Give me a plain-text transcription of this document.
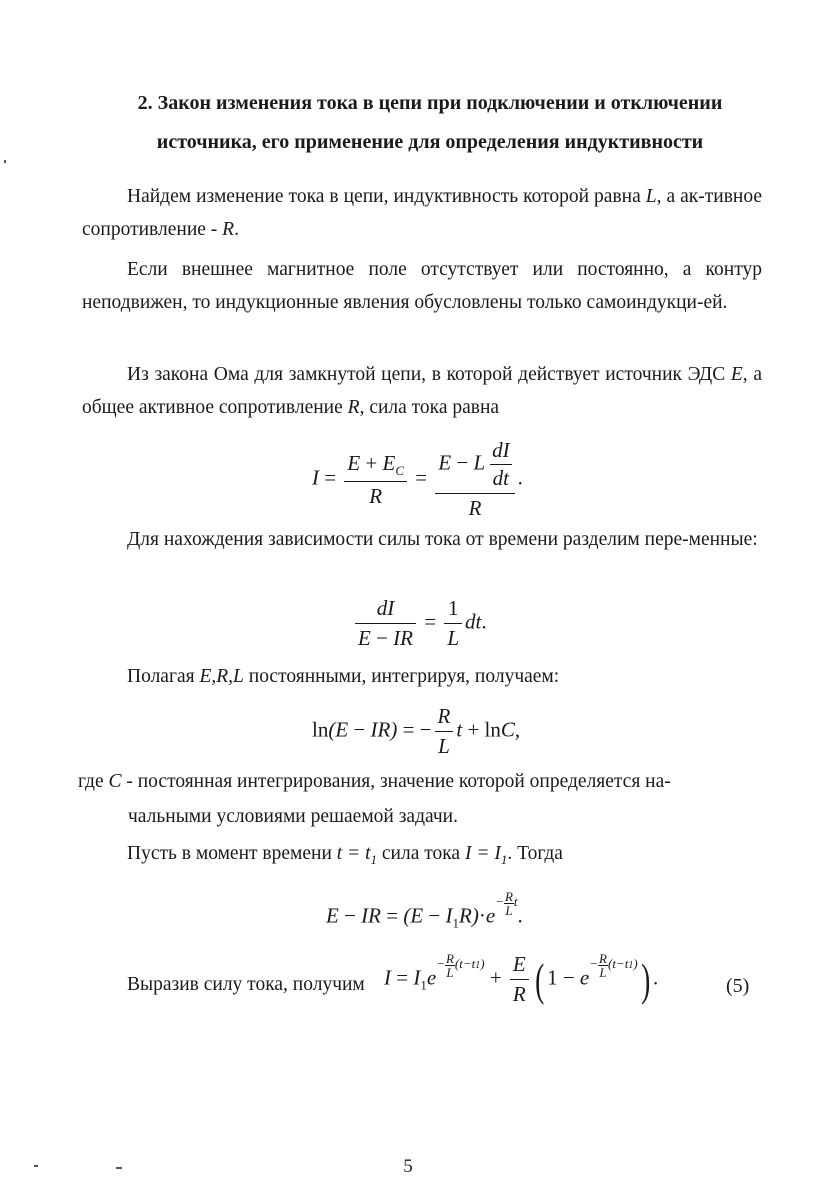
2. Закон изменения тока в цепи при подключении и отключении

источника, его применение для определения индуктивности

Найдем изменение тока в цепи, индуктивность которой равна L, а ак-тивное сопротивление - R.

Если внешнее магнитное поле отсутствует или постоянно, а контур неподвижен, то индукционные явления обусловлены только самоиндукци-ей.

Из закона Ома для замкнутой цепи, в которой действует источник ЭДС E, а общее активное сопротивление R, сила тока равна

$I = \frac{E + E_C}{R} = \frac{E - L \frac{dI}{dt}}{R}$ .

Для нахождения зависимости силы тока от времени разделим пере-менные:

$\frac{dI}{E - IR} = \frac{1}{L}$ dt.

Полагая E,R,L постоянными, интегрируя, получаем:

ln(E − IR) = − $\frac{R}{L}$ t + lnC,

где C - постоянная интегрирования, значение которой определяется на-

чальными условиями решаемой задачи.

Пусть в момент времени $t = t_1$ сила тока $I = I_1$. Тогда

E − IR = $(E - I_1R)\cdot e^{- \frac{R}{L} t}$.

Выразив силу тока, получим $I = I_1e^{- \frac{R}{L} (t-t1)} + \frac{E}{R}$ ( $1 - e^{- \frac{R}{L} (t-t1)}$) .	(5)
5
